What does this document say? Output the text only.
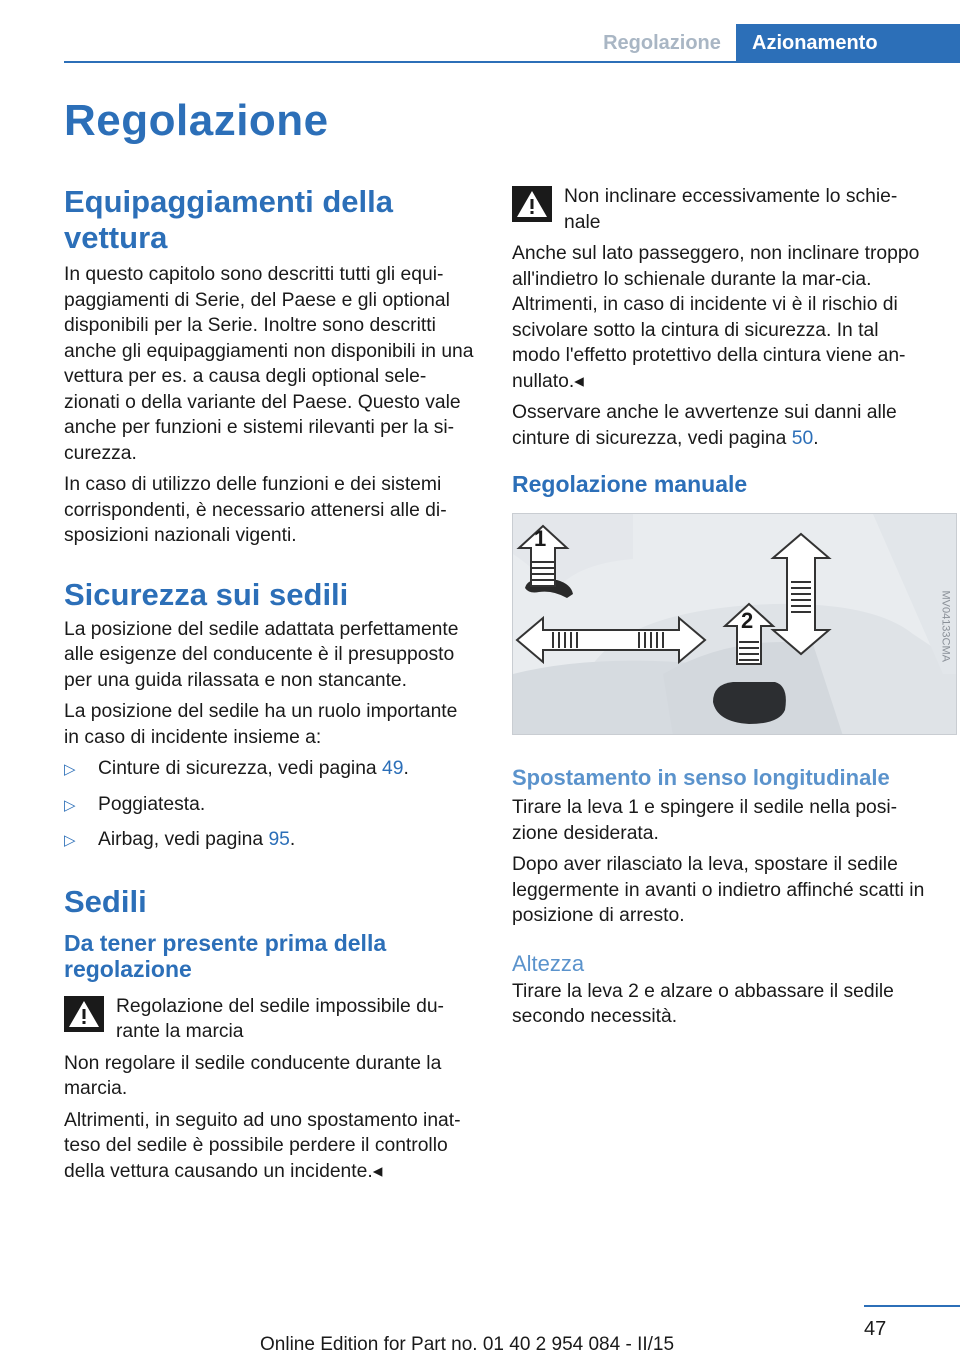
Regolazione	Azionamento
Regolazione
Equipaggiamenti della vettura
In questo capitolo sono descritti tutti gli equi-paggiamenti di Serie, del Paese e gli optional disponibili per la Serie. Inoltre sono descritti anche gli equipaggiamenti non disponibili in una vettura per es. a causa degli optional sele-zionati o della variante del Paese. Questo vale anche per funzioni e sistemi rilevanti per la si-curezza.
In caso di utilizzo delle funzioni e dei sistemi corrispondenti, è necessario attenersi alle di-sposizioni nazionali vigenti.
Sicurezza sui sedili
La posizione del sedile adattata perfettamente alle esigenze del conducente è il presupposto per una guida rilassata e non stancante.
La posizione del sedile ha un ruolo importante in caso di incidente insieme a:
▷	Cinture di sicurezza, vedi pagina 49.
▷	Poggiatesta.
▷	Airbag, vedi pagina 95.
Sedili
Da tener presente prima della regolazione
Regolazione del sedile impossibile du-rante la marcia
Non regolare il sedile conducente durante la marcia.
Altrimenti, in seguito ad uno spostamento inat-teso del sedile è possibile perdere il controllo della vettura causando un incidente.◂
Non inclinare eccessivamente lo schie-nale
Anche sul lato passeggero, non inclinare troppo all'indietro lo schienale durante la mar-cia. Altrimenti, in caso di incidente vi è il rischio di scivolare sotto la cintura di sicurezza. In tal modo l'effetto protettivo della cintura viene an-nullato.◂
Osservare anche le avvertenze sui danni alle cinture di sicurezza, vedi pagina 50.
Regolazione manuale
1
2	MV04133CMA
Spostamento in senso longitudinale
Tirare la leva 1 e spingere il sedile nella posi-zione desiderata.
Dopo aver rilasciato la leva, spostare il sedile leggermente in avanti o indietro affinché scatti in posizione di arresto.
Altezza
Tirare la leva 2 e alzare o abbassare il sedile secondo necessità.
47
Online Edition for Part no. 01 40 2 954 084 - II/15
